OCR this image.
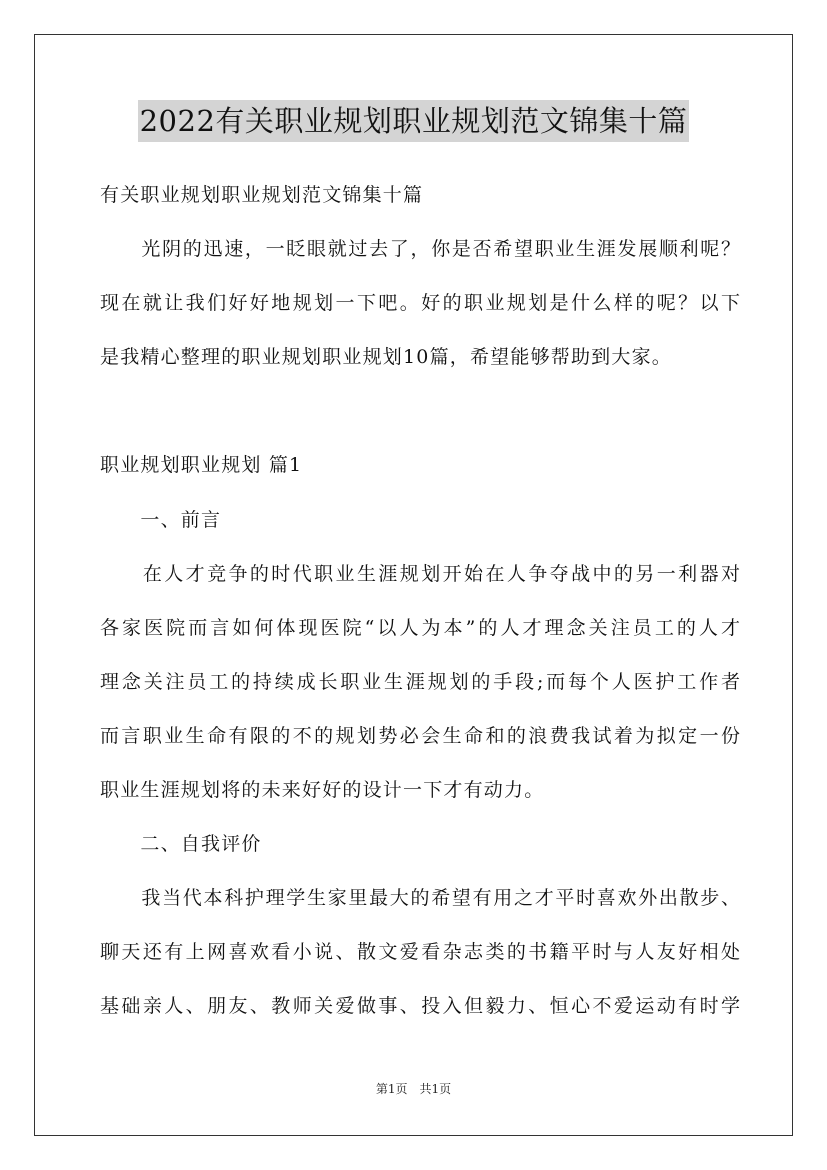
2022有关职业规划职业规划范文锦集十篇
有关职业规划职业规划范文锦集十篇
　　光阴的迅速，一眨眼就过去了，你是否希望职业生涯发展顺利呢？
现在就让我们好好地规划一下吧。好的职业规划是什么样的呢？以下
是我精心整理的职业规划职业规划10篇，希望能够帮助到大家。
职业规划职业规划 篇1
　　一、前言
　　在人才竞争的时代职业生涯规划开始在人争夺战中的另一利器对
各家医院而言如何体现医院“以人为本”的人才理念关注员工的人才
理念关注员工的持续成长职业生涯规划的手段;而每个人医护工作者
而言职业生命有限的不的规划势必会生命和的浪费我试着为拟定一份
职业生涯规划将的未来好好的设计一下才有动力。
　　二、自我评价
　　我当代本科护理学生家里最大的希望有用之才平时喜欢外出散步、
聊天还有上网喜欢看小说、散文爱看杂志类的书籍平时与人友好相处
基础亲人、朋友、教师关爱做事、投入但毅力、恒心不爱运动有时学
第1页　共1页
